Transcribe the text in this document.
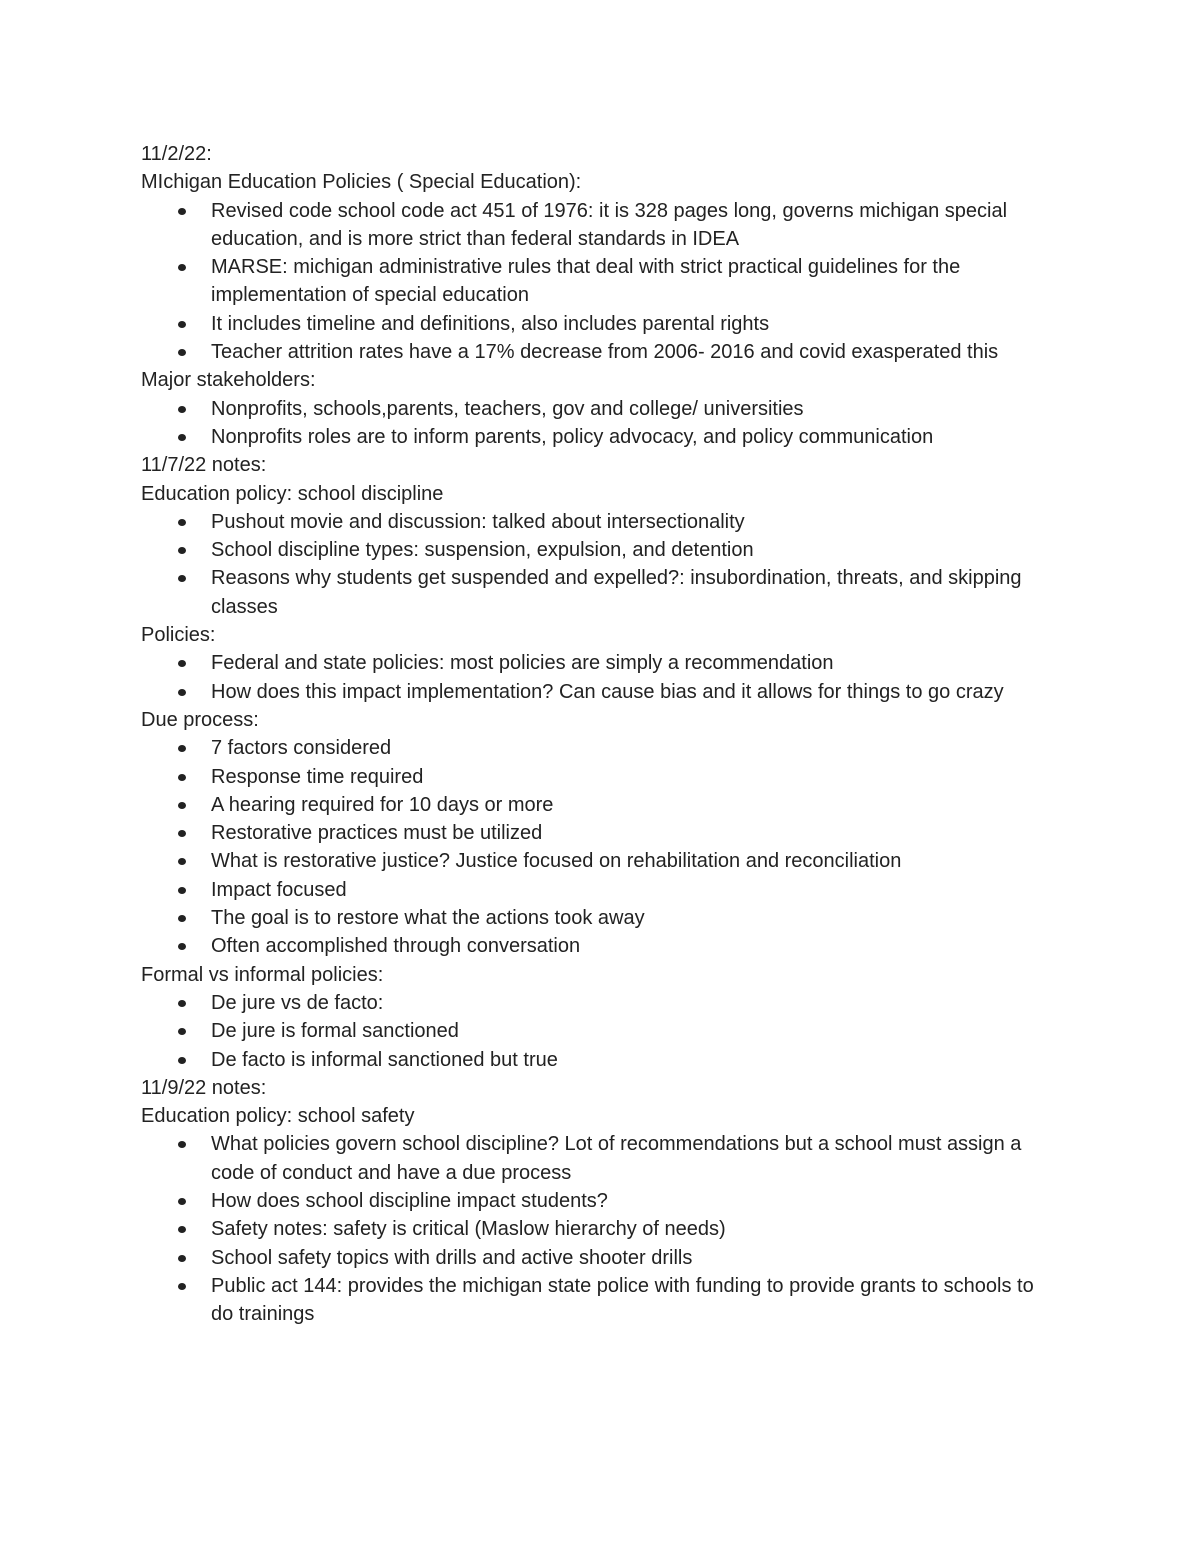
11/2/22:
MIchigan Education Policies ( Special Education):
Revised code school code act 451 of 1976: it is 328 pages long, governs michigan special education, and is more strict than federal standards in IDEA
MARSE: michigan administrative rules that deal with strict practical guidelines for the implementation of special education
It includes timeline and definitions, also includes parental rights
Teacher attrition rates have a 17% decrease from 2006- 2016 and covid exasperated this
Major stakeholders:
Nonprofits, schools,parents, teachers, gov and college/ universities
Nonprofits roles are to inform parents, policy advocacy, and policy communication
11/7/22 notes:
Education policy: school discipline
Pushout movie and discussion: talked about intersectionality
School discipline types: suspension, expulsion, and detention
Reasons why students get suspended and expelled?: insubordination, threats, and skipping classes
Policies:
Federal and state policies: most policies are simply a recommendation
How does this impact implementation? Can cause bias and it allows for things to go crazy
Due process:
7 factors considered
Response time required
A hearing required for 10 days or more
Restorative practices must be utilized
What is restorative justice? Justice focused on rehabilitation and reconciliation
Impact focused
The goal is to restore what the actions took away
Often accomplished through conversation
Formal vs informal policies:
De jure vs de facto:
De jure is formal sanctioned
De facto is informal sanctioned but true
11/9/22 notes:
Education policy: school safety
What policies govern school discipline? Lot of recommendations but a school must assign a code of conduct and have a due process
How does school discipline impact students?
Safety notes: safety is critical (Maslow hierarchy of needs)
School safety topics with drills and active shooter drills
Public act 144: provides the michigan state police with funding to provide grants to schools to do trainings
